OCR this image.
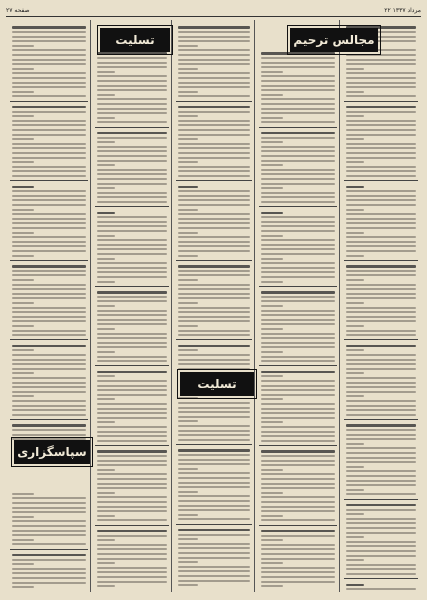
صفحه ۲۷	۲۲ مرداد ۱۳۳۷
تسلیت	مجالس ترحیم
تسلیت
سپاسگزاری
